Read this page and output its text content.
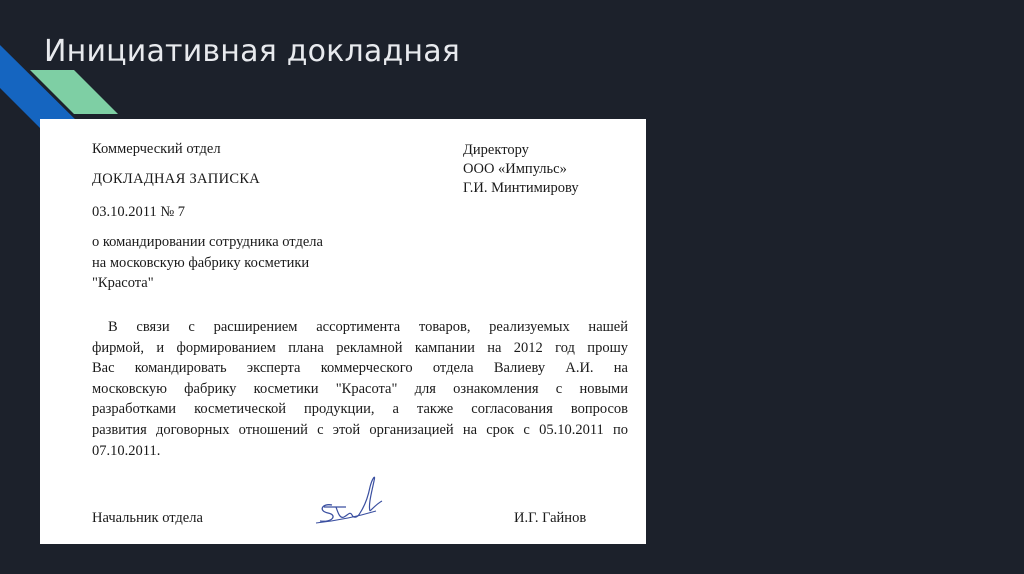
Инициативная докладная
Коммерческий отдел
ДОКЛАДНАЯ ЗАПИСКА
03.10.2011 № 7
о командировании сотрудника отдела
на московскую фабрику косметики
"Красота"
Директору
ООО «Импульс»
Г.И. Минтимирову
В связи с расширением ассортимента товаров, реализуемых нашей
фирмой, и формированием плана рекламной кампании на 2012 год прошу
Вас командировать эксперта коммерческого отдела Валиеву А.И. на
московскую фабрику косметики "Красота" для ознакомления с новыми
разработками косметической продукции, а также согласования вопросов
развития договорных отношений с этой организацией на срок с 05.10.2011 по
07.10.2011.
Начальник отдела	И.Г. Гайнов
